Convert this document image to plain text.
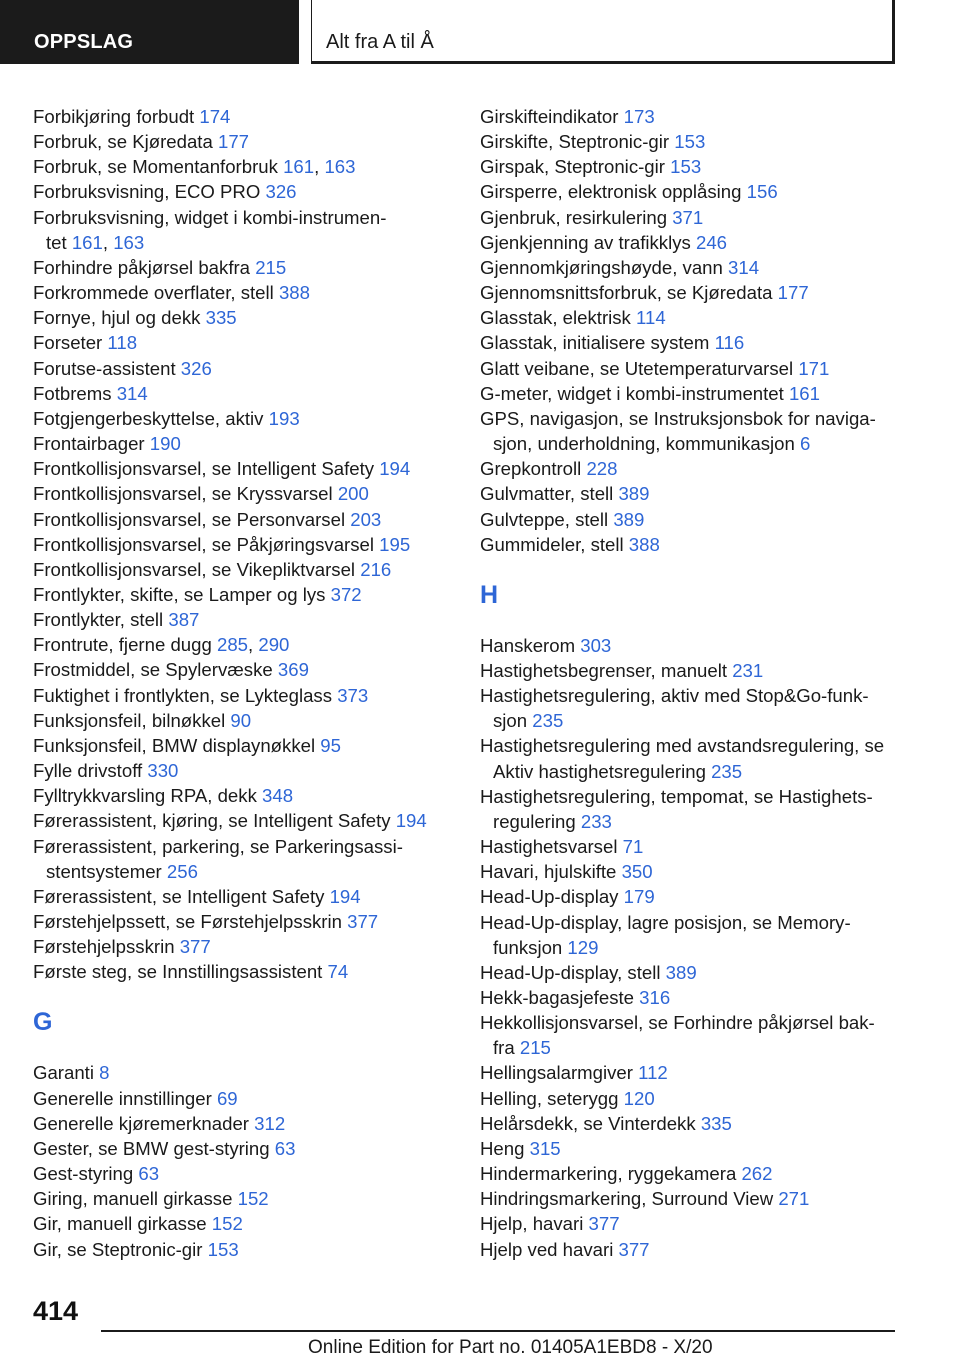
OPPSLAG	Alt fra A til Å
Forbikjøring forbudt 174
Forbruk, se Kjøredata 177
Forbruk, se Momentanforbruk 161, 163
Forbruksvisning, ECO PRO 326
Forbruksvisning, widget i kombi-instrumen-
tet 161, 163
Forhindre påkjørsel bakfra 215
Forkrommede overflater, stell 388
Fornye, hjul og dekk 335
Forseter 118
Forutse-assistent 326
Fotbrems 314
Fotgjengerbeskyttelse, aktiv 193
Frontairbager 190
Frontkollisjonsvarsel, se Intelligent Safety 194
Frontkollisjonsvarsel, se Kryssvarsel 200
Frontkollisjonsvarsel, se Personvarsel 203
Frontkollisjonsvarsel, se Påkjøringsvarsel 195
Frontkollisjonsvarsel, se Vikepliktvarsel 216
Frontlykter, skifte, se Lamper og lys 372
Frontlykter, stell 387
Frontrute, fjerne dugg 285, 290
Frostmiddel, se Spylervæske 369
Fuktighet i frontlykten, se Lykteglass 373
Funksjonsfeil, bilnøkkel 90
Funksjonsfeil, BMW displaynøkkel 95
Fylle drivstoff 330
Fylltrykkvarsling RPA, dekk 348
Førerassistent, kjøring, se Intelligent Safety 194
Førerassistent, parkering, se Parkeringsassi-
stentsystemer 256
Førerassistent, se Intelligent Safety 194
Førstehjelpssett, se Førstehjelpsskrin 377
Førstehjelpsskrin 377
Første steg, se Innstillingsassistent 74
G
Garanti 8
Generelle innstillinger 69
Generelle kjøremerknader 312
Gester, se BMW gest-styring 63
Gest-styring 63
Giring, manuell girkasse 152
Gir, manuell girkasse 152
Gir, se Steptronic-gir 153
Girskifteindikator 173
Girskifte, Steptronic-gir 153
Girspak, Steptronic-gir 153
Girsperre, elektronisk opplåsing 156
Gjenbruk, resirkulering 371
Gjenkjenning av trafikklys 246
Gjennomkjøringshøyde, vann 314
Gjennomsnittsforbruk, se Kjøredata 177
Glasstak, elektrisk 114
Glasstak, initialisere system 116
Glatt veibane, se Utetemperaturvarsel 171
G-meter, widget i kombi-instrumentet 161
GPS, navigasjon, se Instruksjonsbok for naviga-
sjon, underholdning, kommunikasjon 6
Grepkontroll 228
Gulvmatter, stell 389
Gulvteppe, stell 389
Gummideler, stell 388
H
Hanskerom 303
Hastighetsbegrenser, manuelt 231
Hastighetsregulering, aktiv med Stop&Go-funk-
sjon 235
Hastighetsregulering med avstandsregulering, se
Aktiv hastighetsregulering 235
Hastighetsregulering, tempomat, se Hastighets-
regulering 233
Hastighetsvarsel 71
Havari, hjulskifte 350
Head-Up-display 179
Head-Up-display, lagre posisjon, se Memory-
funksjon 129
Head-Up-display, stell 389
Hekk-bagasjefeste 316
Hekkollisjonsvarsel, se Forhindre påkjørsel bak-
fra 215
Hellingsalarmgiver 112
Helling, seterygg 120
Helårsdekk, se Vinterdekk 335
Heng 315
Hindermarkering, ryggekamera 262
Hindringsmarkering, Surround View 271
Hjelp, havari 377
Hjelp ved havari 377
414
Online Edition for Part no. 01405A1EBD8 - X/20
